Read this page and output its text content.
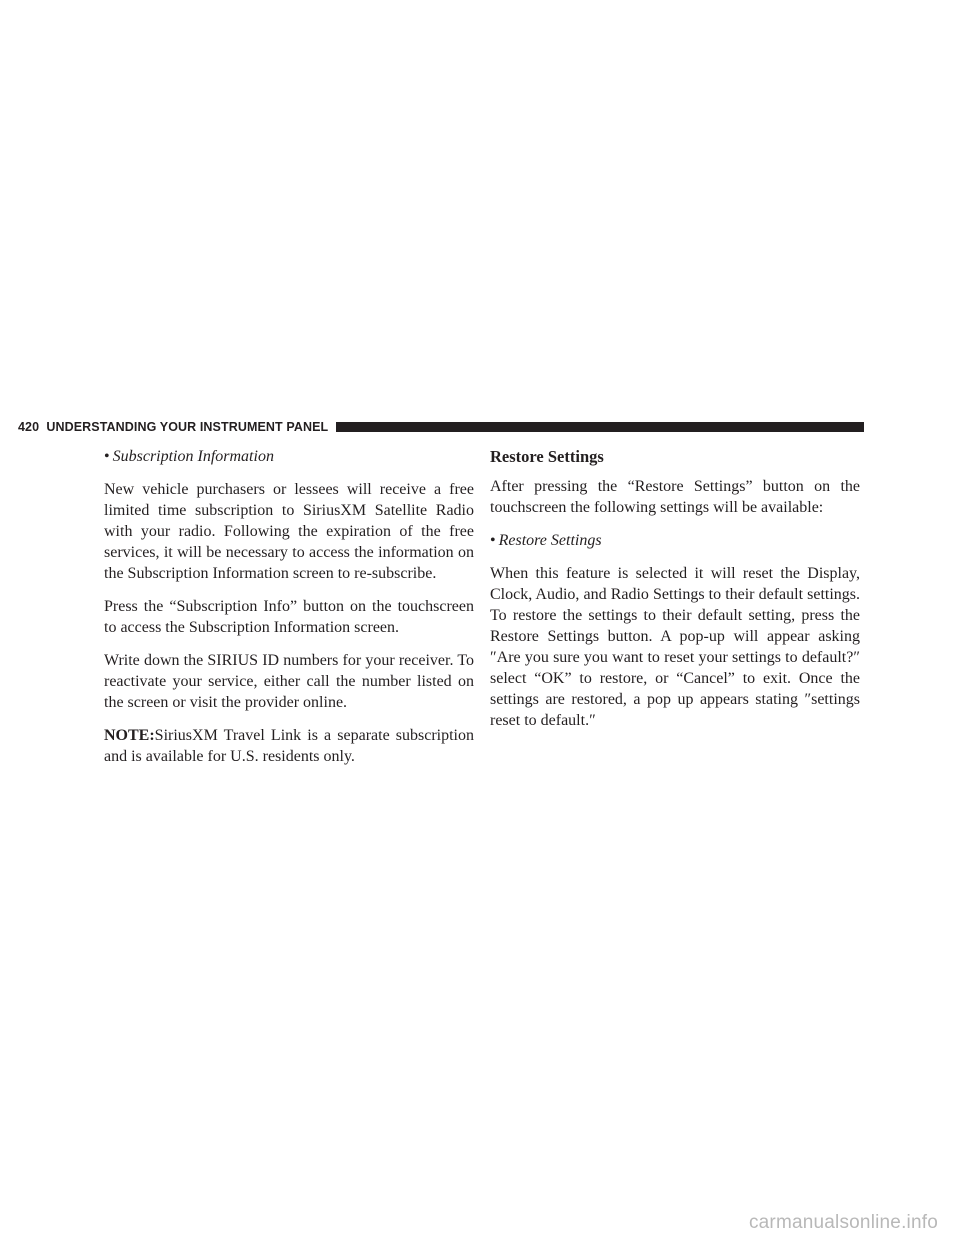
420 UNDERSTANDING YOUR INSTRUMENT PANEL
• Subscription Information

New vehicle purchasers or lessees will receive a free limited time subscription to SiriusXM Satellite Radio with your radio. Following the expiration of the free services, it will be necessary to access the information on the Subscription Information screen to re-subscribe.

Press the “Subscription Info” button on the touchscreen to access the Subscription Information screen.

Write down the SIRIUS ID numbers for your receiver. To reactivate your service, either call the number listed on the screen or visit the provider online.

NOTE:SiriusXM Travel Link is a separate subscription and is available for U.S. residents only.

Restore Settings

After pressing the “Restore Settings” button on the touchscreen the following settings will be available:

• Restore Settings

When this feature is selected it will reset the Display, Clock, Audio, and Radio Settings to their default settings. To restore the settings to their default setting, press the Restore Settings button. A pop-up will appear asking ″Are you sure you want to reset your settings to default?″ select “OK” to restore, or “Cancel” to exit. Once the settings are restored, a pop up appears stating ″settings reset to default.″

carmanualsonline.info
